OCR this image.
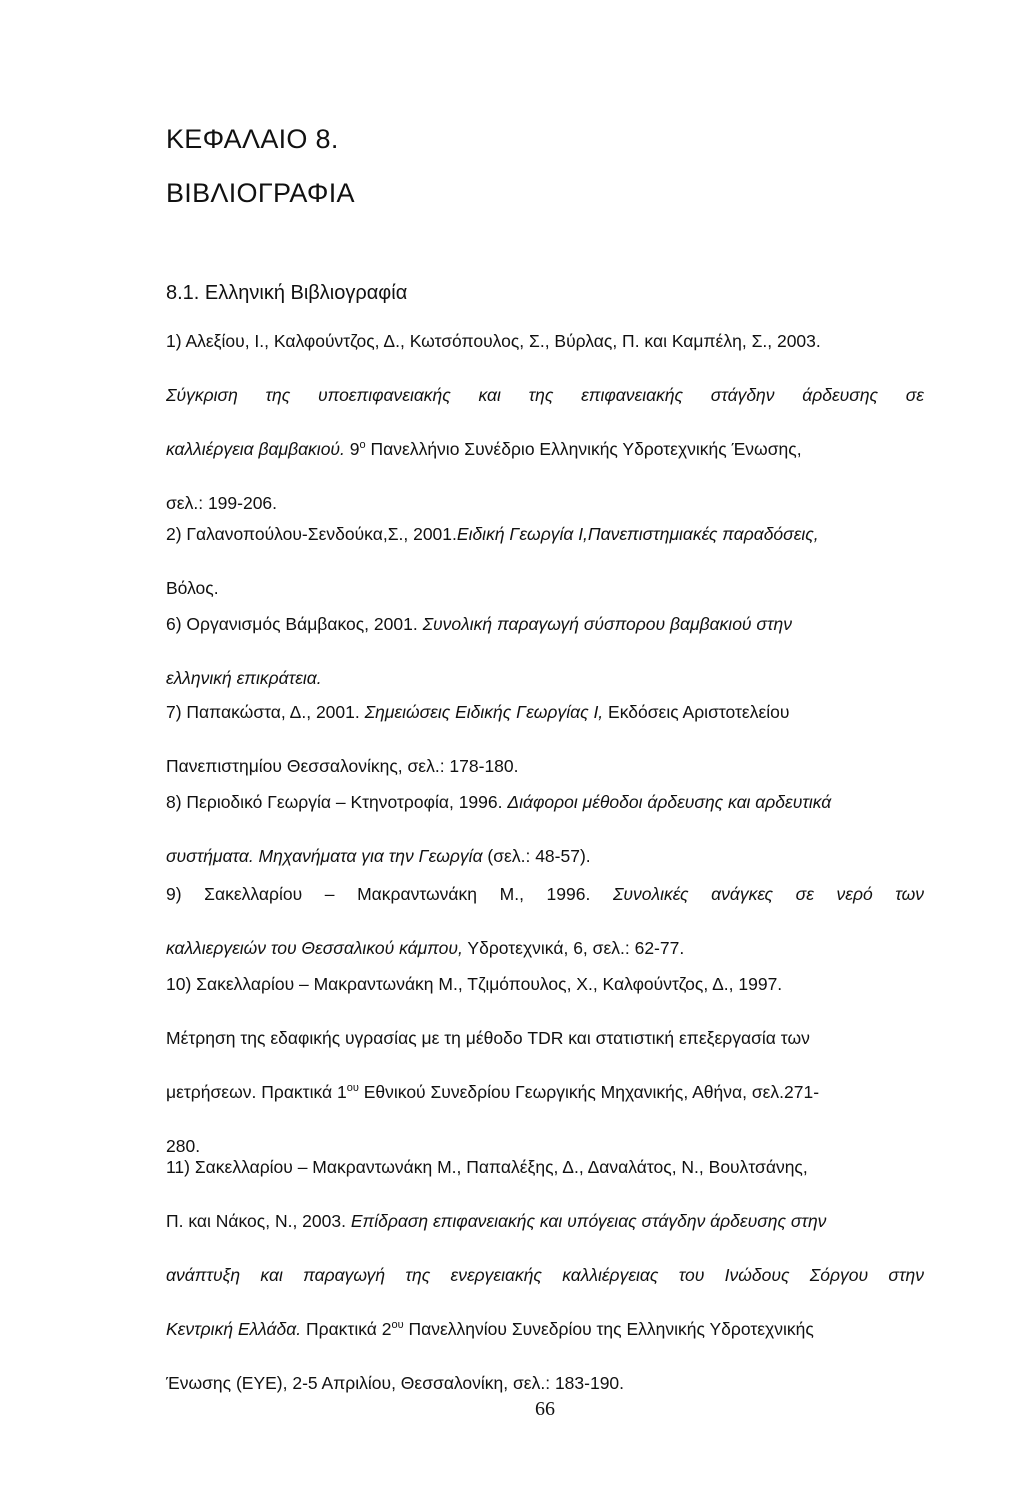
ΚΕΦΑΛΑΙΟ 8.
ΒΙΒΛΙΟΓΡΑΦΙΑ
8.1. Ελληνική Βιβλιογραφία
1) Αλεξίου, Ι., Καλφούντζος, Δ., Κωτσόπουλος, Σ., Βύρλας, Π. και Καμπέλη, Σ., 2003.
Σύγκριση της υποεπιφανειακής και της επιφανειακής στάγδην άρδευσης σε
καλλιέργεια βαμβακιού. $9^o$ Πανελλήνιο Συνέδριο Ελληνικής Υδροτεχνικής Ένωσης,
σελ.: 199-206.
2) Γαλανοπούλου-Σενδούκα,Σ., 2001.Ειδική Γεωργία Ι,Πανεπιστημιακές παραδόσεις,
Βόλος.
6) Οργανισμός Βάμβακος, 2001. Συνολική παραγωγή σύσπορου βαμβακιού στην
ελληνική επικράτεια.
7) Παπακώστα, Δ., 2001. Σημειώσεις Ειδικής Γεωργίας Ι, Εκδόσεις Αριστοτελείου
Πανεπιστημίου Θεσσαλονίκης, σελ.: 178-180.
8) Περιοδικό Γεωργία – Κτηνοτροφία, 1996. Διάφοροι μέθοδοι άρδευσης και αρδευτικά
συστήματα. Μηχανήματα για την Γεωργία (σελ.: 48-57).
9) Σακελλαρίου – Μακραντωνάκη Μ., 1996. Συνολικές ανάγκες σε νερό των
καλλιεργειών του Θεσσαλικού κάμπου, Υδροτεχνικά, 6, σελ.: 62-77.
10) Σακελλαρίου – Μακραντωνάκη Μ., Τζιμόπουλος, Χ., Καλφούντζος, Δ., 1997.
Μέτρηση της εδαφικής υγρασίας με τη μέθοδο TDR και στατιστική επεξεργασία των
μετρήσεων. Πρακτικά $1^{o\upsilon}$ Εθνικού Συνεδρίου Γεωργικής Μηχανικής, Αθήνα, σελ.271-
280.
11) Σακελλαρίου – Μακραντωνάκη Μ., Παπαλέξης, Δ., Δαναλάτος, Ν., Βουλτσάνης,
Π. και Νάκος, Ν., 2003. Επίδραση επιφανειακής και υπόγειας στάγδην άρδευσης στην
ανάπτυξη και παραγωγή της ενεργειακής καλλιέργειας του Ινώδους Σόργου στην
Κεντρική Ελλάδα. Πρακτικά $2^{o\upsilon}$ Πανελληνίου Συνεδρίου της Ελληνικής Υδροτεχνικής
Ένωσης (ΕΥΕ), 2-5 Απριλίου, Θεσσαλονίκη, σελ.: 183-190.
66
